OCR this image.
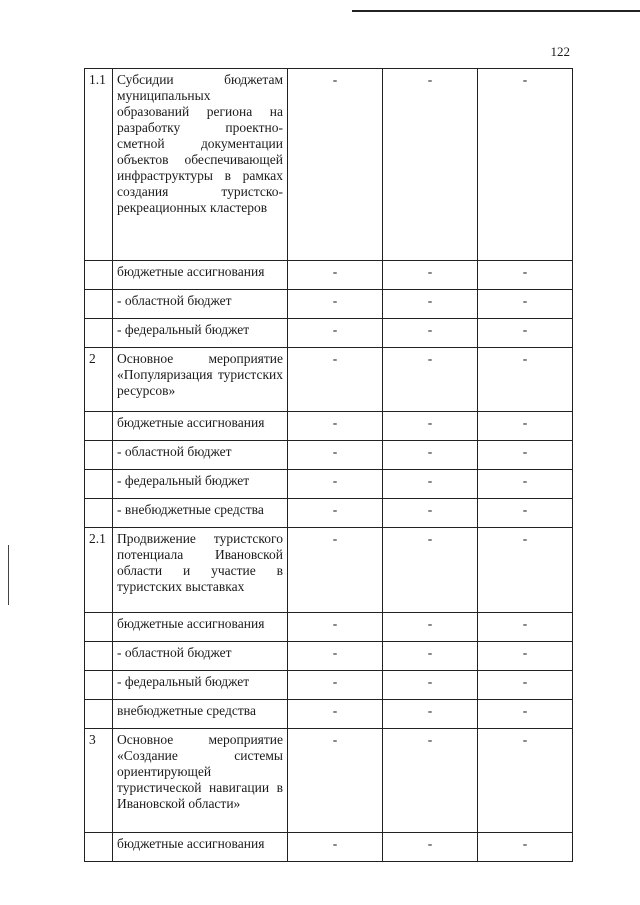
122
1.1	Субсидии бюджетам муниципальных образований региона на разработку проектно-сметной документации объектов обеспечивающей инфраструктуры в рамках создания туристско-рекреационных кластеров	-	-	-
	бюджетные ассигнования	-	-	-
	- областной бюджет	-	-	-
	- федеральный бюджет	-	-	-
2	Основное мероприятие «Популяризация туристских ресурсов»	-	-	-
	бюджетные ассигнования	-	-	-
	- областной бюджет	-	-	-
	- федеральный бюджет	-	-	-
	- внебюджетные средства	-	-	-
2.1	Продвижение туристского потенциала Ивановской области и участие в туристских выставках	-	-	-
	бюджетные ассигнования	-	-	-
	- областной бюджет	-	-	-
	- федеральный бюджет	-	-	-
	внебюджетные средства	-	-	-
3	Основное мероприятие «Создание системы ориентирующей туристической навигации в Ивановской области»	-	-	-
	бюджетные ассигнования	-	-	-
